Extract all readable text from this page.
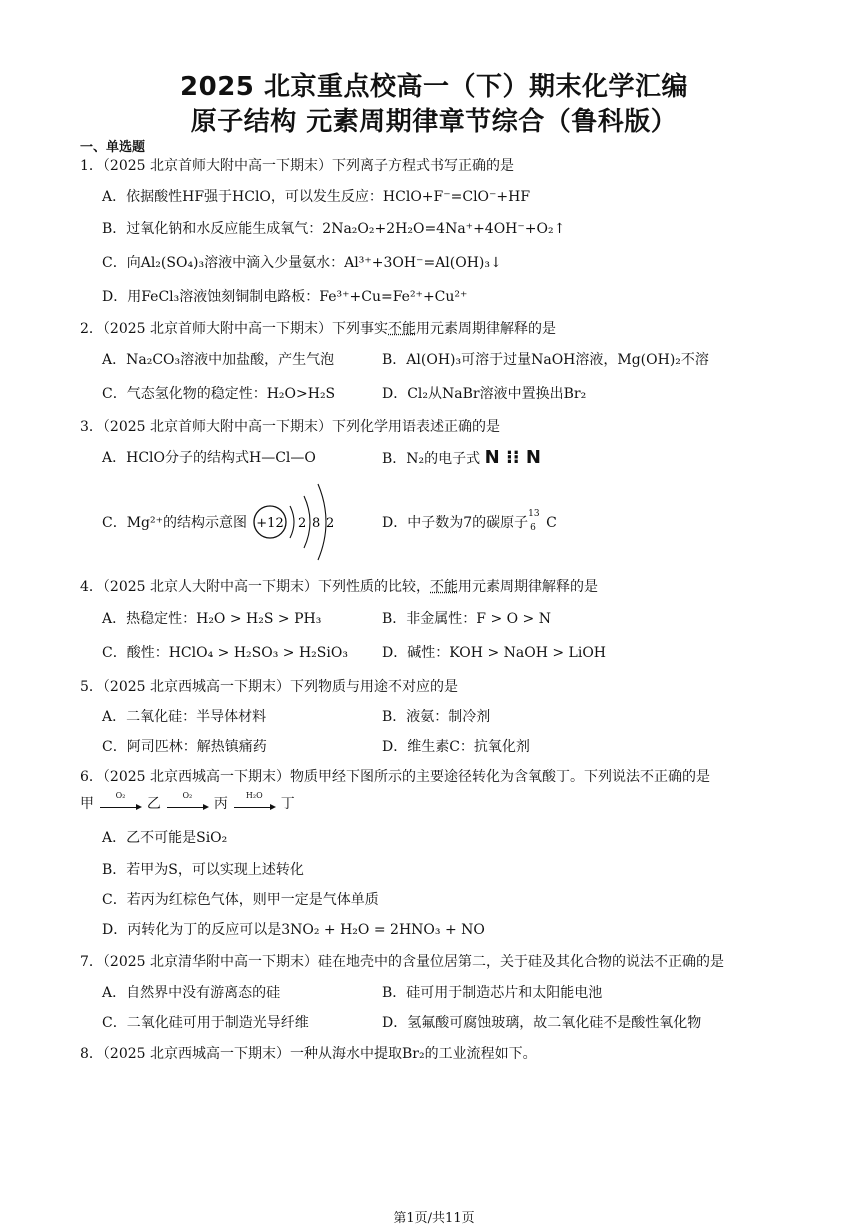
2025 北京重点校高一（下）期末化学汇编
原子结构 元素周期律章节综合（鲁科版）
一、单选题
1．（2025 北京首师大附中高一下期末）下列离子方程式书写正确的是
A．依据酸性HF强于HClO，可以发生反应：HClO+F⁻=ClO⁻+HF
B．过氧化钠和水反应能生成氧气：2Na₂O₂+2H₂O=4Na⁺+4OH⁻+O₂↑
C．向Al₂(SO₄)₃溶液中滴入少量氨水：Al³⁺+3OH⁻=Al(OH)₃↓
D．用FeCl₃溶液蚀刻铜制电路板：Fe³⁺+Cu=Fe²⁺+Cu²⁺
2．（2025 北京首师大附中高一下期末）下列事实不能用元素周期律解释的是
A．Na₂CO₃溶液中加盐酸，产生气泡	B．Al(OH)₃可溶于过量NaOH溶液，Mg(OH)₂不溶
C．气态氢化物的稳定性：H₂O>H₂S	D．Cl₂从NaBr溶液中置换出Br₂
3．（2025 北京首师大附中高一下期末）下列化学用语表述正确的是
A．HClO分子的结构式H—Cl—O	B．N₂的电子式 N ⁝⁝ N
C．Mg²⁺的结构示意图 +12 2 8 2	D．中子数为7的碳原子
13
6 C
4．（2025 北京人大附中高一下期末）下列性质的比较，不能用元素周期律解释的是
A．热稳定性：H₂O > H₂S > PH₃	B．非金属性：F > O > N
C．酸性：HClO₄ > H₂SO₃ > H₂SiO₃ D．碱性：KOH > NaOH > LiOH
5．（2025 北京西城高一下期末）下列物质与用途不对应的是
A．二氧化硅：半导体材料	B．液氨：制冷剂
C．阿司匹林：解热镇痛药	D．维生素C：抗氧化剂
6．（2025 北京西城高一下期末）物质甲经下图所示的主要途径转化为含氧酸丁。下列说法不正确的是
甲
O₂
乙
O₂
丙
H₂O
丁
A．乙不可能是SiO₂
B．若甲为S，可以实现上述转化
C．若丙为红棕色气体，则甲一定是气体单质
D．丙转化为丁的反应可以是3NO₂ + H₂O = 2HNO₃ + NO
7．（2025 北京清华附中高一下期末）硅在地壳中的含量位居第二，关于硅及其化合物的说法不正确的是
A．自然界中没有游离态的硅	B．硅可用于制造芯片和太阳能电池
C．二氧化硅可用于制造光导纤维	D．氢氟酸可腐蚀玻璃，故二氧化硅不是酸性氧化物
8．（2025 北京西城高一下期末）一种从海水中提取Br₂的工业流程如下。
第1页/共11页
